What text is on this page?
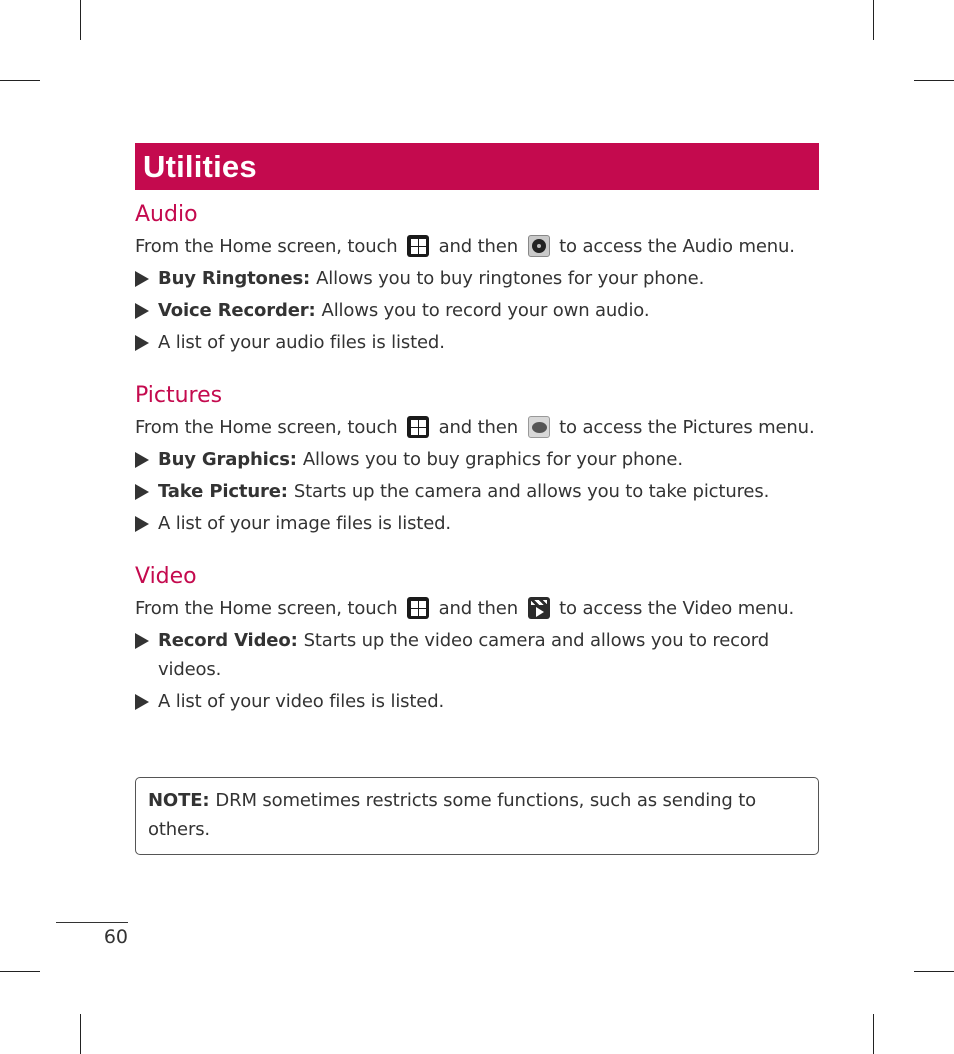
Utilities
Audio
From the Home screen, touch and then to access the Audio menu.
Buy Ringtones: Allows you to buy ringtones for your phone.
Voice Recorder: Allows you to record your own audio.
A list of your audio files is listed.
Pictures
From the Home screen, touch and then to access the Pictures menu.
Buy Graphics: Allows you to buy graphics for your phone.
Take Picture: Starts up the camera and allows you to take pictures.
A list of your image files is listed.
Video
From the Home screen, touch and then to access the Video menu.
Record Video: Starts up the video camera and allows you to record videos.
A list of your video files is listed.
NOTE: DRM sometimes restricts some functions, such as sending to others.
60
